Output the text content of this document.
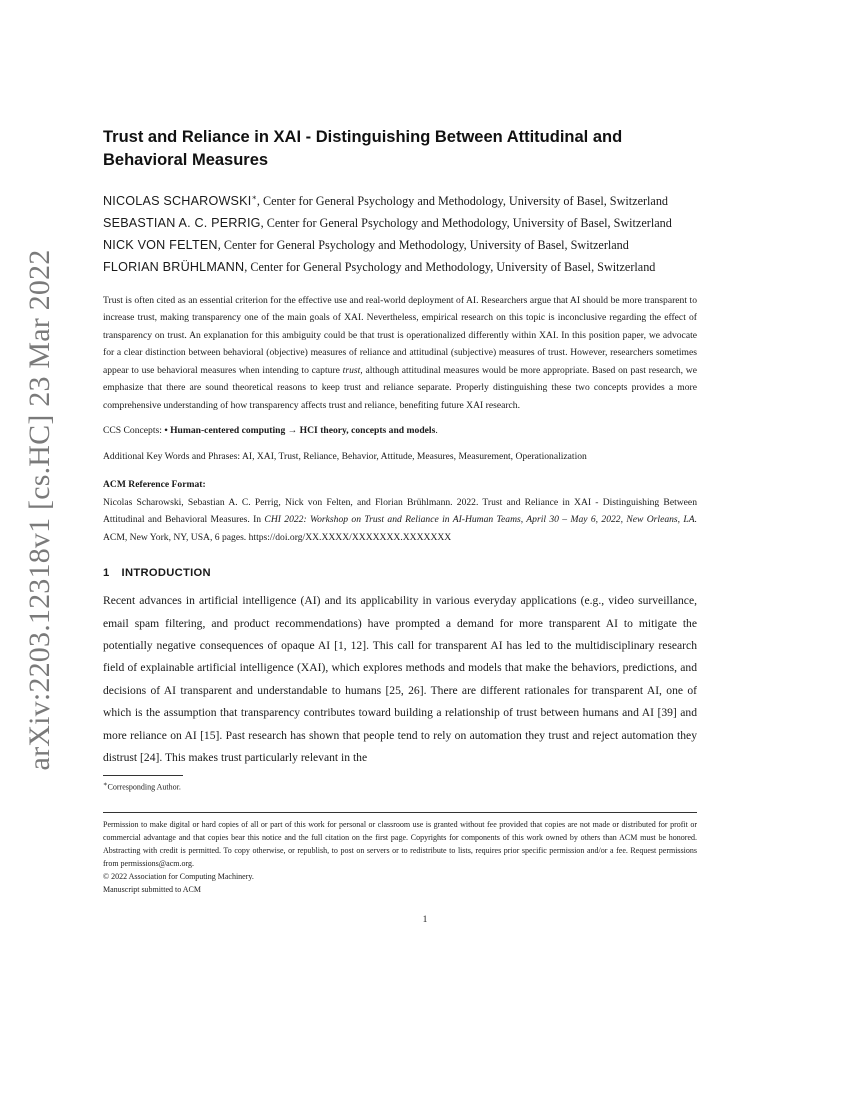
arXiv:2203.12318v1 [cs.HC] 23 Mar 2022
Trust and Reliance in XAI - Distinguishing Between Attitudinal and Behavioral Measures
NICOLAS SCHAROWSKI∗, Center for General Psychology and Methodology, University of Basel, Switzerland
SEBASTIAN A. C. PERRIG, Center for General Psychology and Methodology, University of Basel, Switzerland
NICK VON FELTEN, Center for General Psychology and Methodology, University of Basel, Switzerland
FLORIAN BRÜHLMANN, Center for General Psychology and Methodology, University of Basel, Switzerland
Trust is often cited as an essential criterion for the effective use and real-world deployment of AI. Researchers argue that AI should be more transparent to increase trust, making transparency one of the main goals of XAI. Nevertheless, empirical research on this topic is inconclusive regarding the effect of transparency on trust. An explanation for this ambiguity could be that trust is operationalized differently within XAI. In this position paper, we advocate for a clear distinction between behavioral (objective) measures of reliance and attitudinal (subjective) measures of trust. However, researchers sometimes appear to use behavioral measures when intending to capture trust, although attitudinal measures would be more appropriate. Based on past research, we emphasize that there are sound theoretical reasons to keep trust and reliance separate. Properly distinguishing these two concepts provides a more comprehensive understanding of how transparency affects trust and reliance, benefiting future XAI research.
CCS Concepts: • Human-centered computing → HCI theory, concepts and models.
Additional Key Words and Phrases: AI, XAI, Trust, Reliance, Behavior, Attitude, Measures, Measurement, Operationalization
ACM Reference Format:
Nicolas Scharowski, Sebastian A. C. Perrig, Nick von Felten, and Florian Brühlmann. 2022. Trust and Reliance in XAI - Distinguishing Between Attitudinal and Behavioral Measures. In CHI 2022: Workshop on Trust and Reliance in AI-Human Teams, April 30 – May 6, 2022, New Orleans, LA. ACM, New York, NY, USA, 6 pages. https://doi.org/XX.XXXX/XXXXXXX.XXXXXXX
1 INTRODUCTION
Recent advances in artificial intelligence (AI) and its applicability in various everyday applications (e.g., video surveillance, email spam filtering, and product recommendations) have prompted a demand for more transparent AI to mitigate the potentially negative consequences of opaque AI [1, 12]. This call for transparent AI has led to the multidisciplinary research field of explainable artificial intelligence (XAI), which explores methods and models that make the behaviors, predictions, and decisions of AI transparent and understandable to humans [25, 26]. There are different rationales for transparent AI, one of which is the assumption that transparency contributes toward building a relationship of trust between humans and AI [39] and more reliance on AI [15]. Past research has shown that people tend to rely on automation they trust and reject automation they distrust [24]. This makes trust particularly relevant in the
∗Corresponding Author.
Permission to make digital or hard copies of all or part of this work for personal or classroom use is granted without fee provided that copies are not made or distributed for profit or commercial advantage and that copies bear this notice and the full citation on the first page. Copyrights for components of this work owned by others than ACM must be honored. Abstracting with credit is permitted. To copy otherwise, or republish, to post on servers or to redistribute to lists, requires prior specific permission and/or a fee. Request permissions from permissions@acm.org.
© 2022 Association for Computing Machinery.
Manuscript submitted to ACM
1
